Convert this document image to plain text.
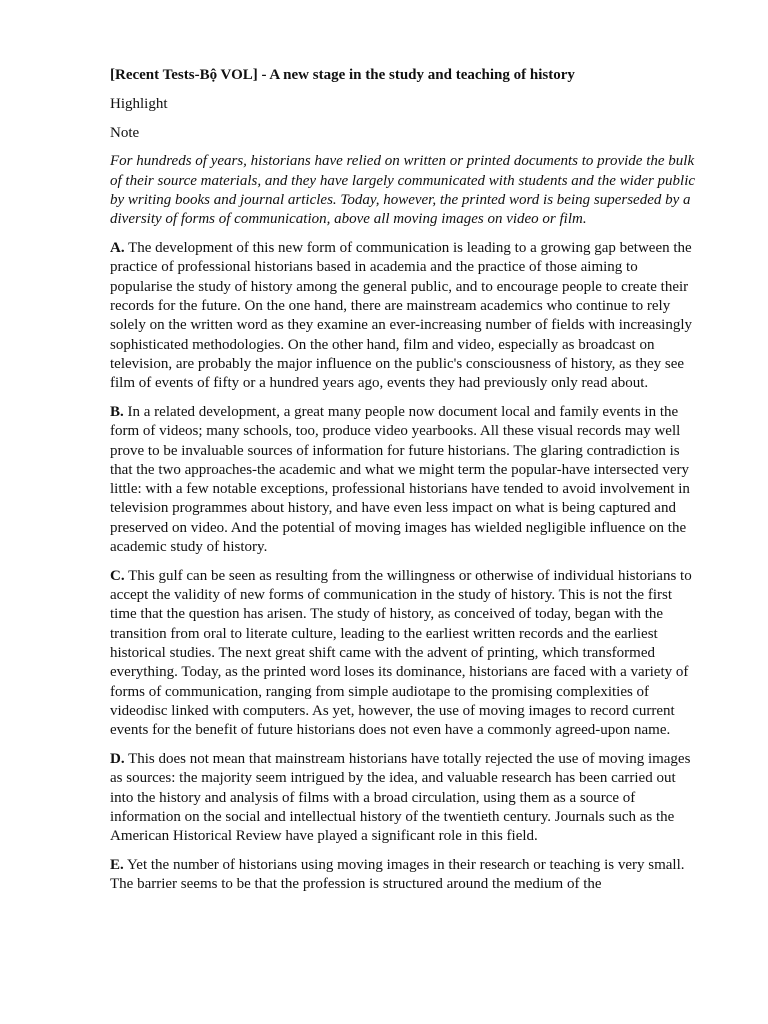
[Recent Tests-Bộ VOL] - A new stage in the study and teaching of history

Highlight

Note

For hundreds of years, historians have relied on written or printed documents to provide the bulk of their source materials, and they have largely communicated with students and the wider public by writing books and journal articles. Today, however, the printed word is being superseded by a diversity of forms of communication, above all moving images on video or film.

A. The development of this new form of communication is leading to a growing gap between the practice of professional historians based in academia and the practice of those aiming to popularise the study of history among the general public, and to encourage people to create their records for the future. On the one hand, there are mainstream academics who continue to rely solely on the written word as they examine an ever-increasing number of fields with increasingly sophisticated methodologies. On the other hand, film and video, especially as broadcast on television, are probably the major influence on the public's consciousness of history, as they see film of events of fifty or a hundred years ago, events they had previously only read about.

B. In a related development, a great many people now document local and family events in the form of videos; many schools, too, produce video yearbooks. All these visual records may well prove to be invaluable sources of information for future historians. The glaring contradiction is that the two approaches-the academic and what we might term the popular-have intersected very little: with a few notable exceptions, professional historians have tended to avoid involvement in television programmes about history, and have even less impact on what is being captured and preserved on video. And the potential of moving images has wielded negligible influence on the academic study of history.

C. This gulf can be seen as resulting from the willingness or otherwise of individual historians to accept the validity of new forms of communication in the study of history. This is not the first time that the question has arisen. The study of history, as conceived of today, began with the transition from oral to literate culture, leading to the earliest written records and the earliest historical studies. The next great shift came with the advent of printing, which transformed everything. Today, as the printed word loses its dominance, historians are faced with a variety of forms of communication, ranging from simple audiotape to the promising complexities of videodisc linked with computers. As yet, however, the use of moving images to record current events for the benefit of future historians does not even have a commonly agreed-upon name.

D. This does not mean that mainstream historians have totally rejected the use of moving images as sources: the majority seem intrigued by the idea, and valuable research has been carried out into the history and analysis of films with a broad circulation, using them as a source of information on the social and intellectual history of the twentieth century. Journals such as the American Historical Review have played a significant role in this field.

E. Yet the number of historians using moving images in their research or teaching is very small. The barrier seems to be that the profession is structured around the medium of the
